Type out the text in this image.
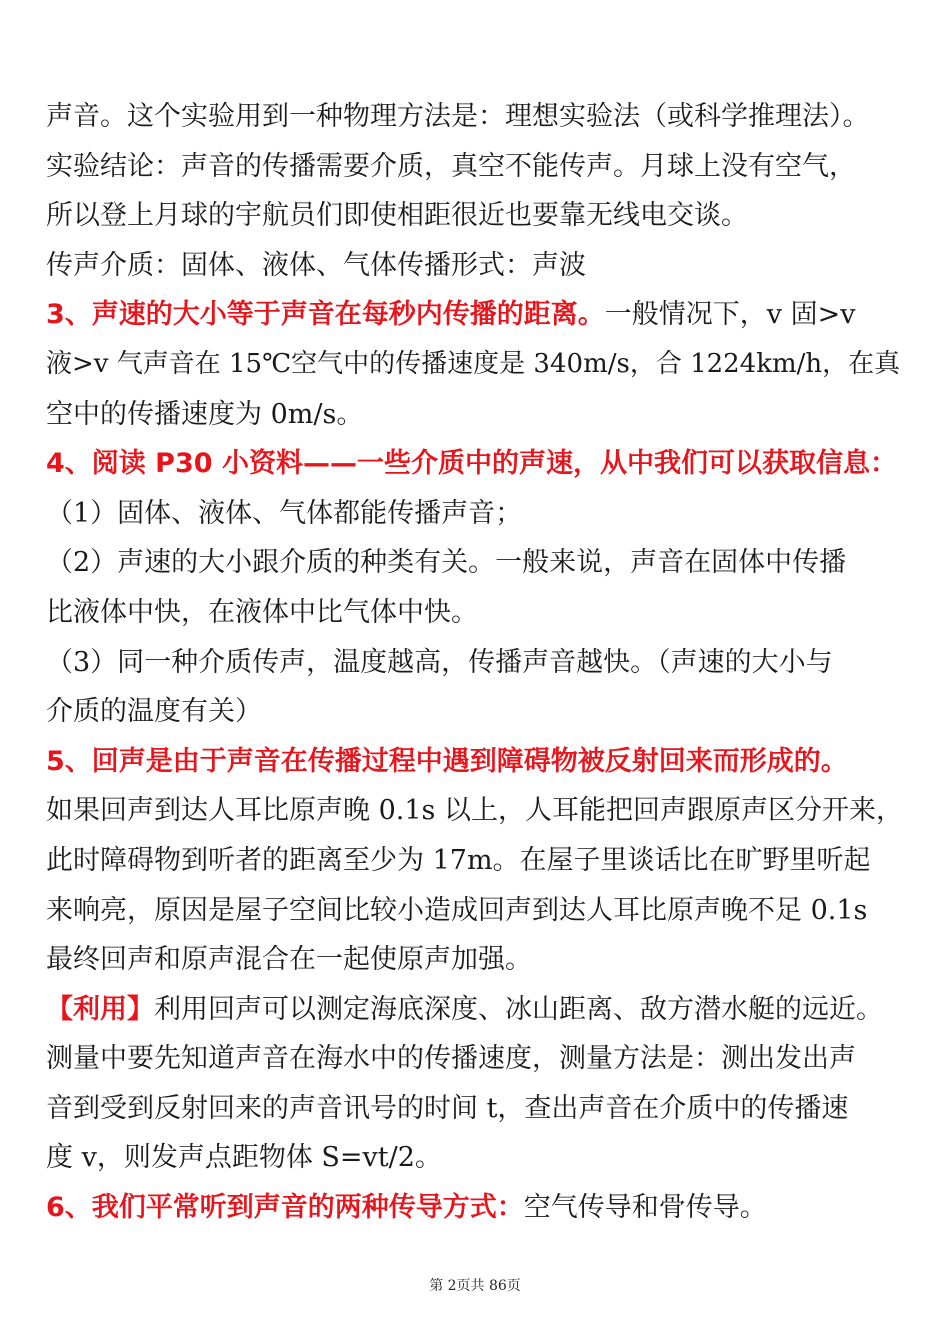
声音。这个实验用到一种物理方法是：理想实验法（或科学推理法）。
实验结论：声音的传播需要介质，真空不能传声。月球上没有空气，
所以登上月球的宇航员们即使相距很近也要靠无线电交谈。
传声介质：固体、液体、气体传播形式：声波
3、声速的大小等于声音在每秒内传播的距离。一般情况下，v 固>v
液>v 气声音在 15℃空气中的传播速度是 340m/s，合 1224km/h，在真
空中的传播速度为 0m/s。
4、阅读 P30 小资料——一些介质中的声速，从中我们可以获取信息：
（1）固体、液体、气体都能传播声音；
（2）声速的大小跟介质的种类有关。一般来说，声音在固体中传播
比液体中快，在液体中比气体中快。
（3）同一种介质传声，温度越高，传播声音越快。（声速的大小与
介质的温度有关）
5、回声是由于声音在传播过程中遇到障碍物被反射回来而形成的。
如果回声到达人耳比原声晚 0.1s 以上，人耳能把回声跟原声区分开来，
此时障碍物到听者的距离至少为 17m。在屋子里谈话比在旷野里听起
来响亮，原因是屋子空间比较小造成回声到达人耳比原声晚不足 0.1s
最终回声和原声混合在一起使原声加强。
【利用】利用回声可以测定海底深度、冰山距离、敌方潜水艇的远近。
测量中要先知道声音在海水中的传播速度，测量方法是：测出发出声
音到受到反射回来的声音讯号的时间 t，查出声音在介质中的传播速
度 v，则发声点距物体 S=vt/2。
6、我们平常听到声音的两种传导方式：空气传导和骨传导。
第 2页共 86页
